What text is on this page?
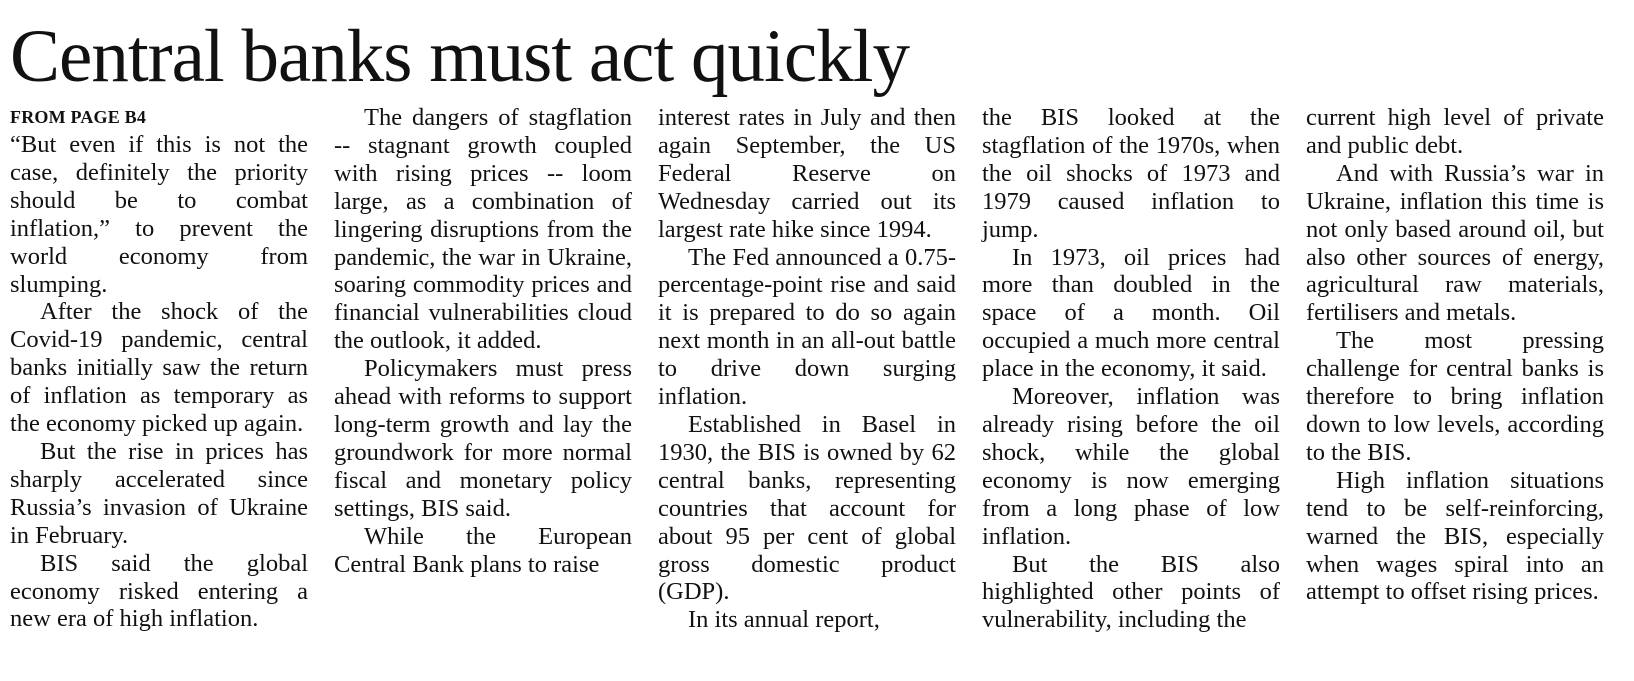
Central banks must act quickly
FROM PAGE B4

“But even if this is not the case, definitely the priority should be to combat inflation,” to prevent the world economy from slumping.

After the shock of the Covid-19 pandemic, central banks initially saw the return of inflation as temporary as the economy picked up again.

But the rise in prices has sharply accelerated since Russia’s invasion of Ukraine in February.

BIS said the global economy risked entering a new era of high inflation.

The dangers of stagflation -- stagnant growth coupled with rising prices -- loom large, as a combination of lingering disruptions from the pandemic, the war in Ukraine, soaring commodity prices and financial vulnerabilities cloud the outlook, it added.

Policymakers must press ahead with reforms to support long-term growth and lay the groundwork for more normal fiscal and monetary policy settings, BIS said.

While the European Central Bank plans to raise

interest rates in July and then again September, the US Federal Reserve on Wednesday carried out its largest rate hike since 1994.

The Fed announced a 0.75-percentage-point rise and said it is prepared to do so again next month in an all-out battle to drive down surging inflation.

Established in Basel in 1930, the BIS is owned by 62 central banks, representing countries that account for about 95 per cent of global gross domestic product (GDP).

In its annual report,

the BIS looked at the stagflation of the 1970s, when the oil shocks of 1973 and 1979 caused inflation to jump.

In 1973, oil prices had more than doubled in the space of a month. Oil occupied a much more central place in the economy, it said.

Moreover, inflation was already rising before the oil shock, while the global economy is now emerging from a long phase of low inflation.

But the BIS also highlighted other points of vulnerability, including the

current high level of private and public debt.

And with Russia’s war in Ukraine, inflation this time is not only based around oil, but also other sources of energy, agricultural raw materials, fertilisers and metals.

The most pressing challenge for central banks is therefore to bring inflation down to low levels, according to the BIS.

High inflation situations tend to be self-reinforcing, warned the BIS, especially when wages spiral into an attempt to offset rising prices.
